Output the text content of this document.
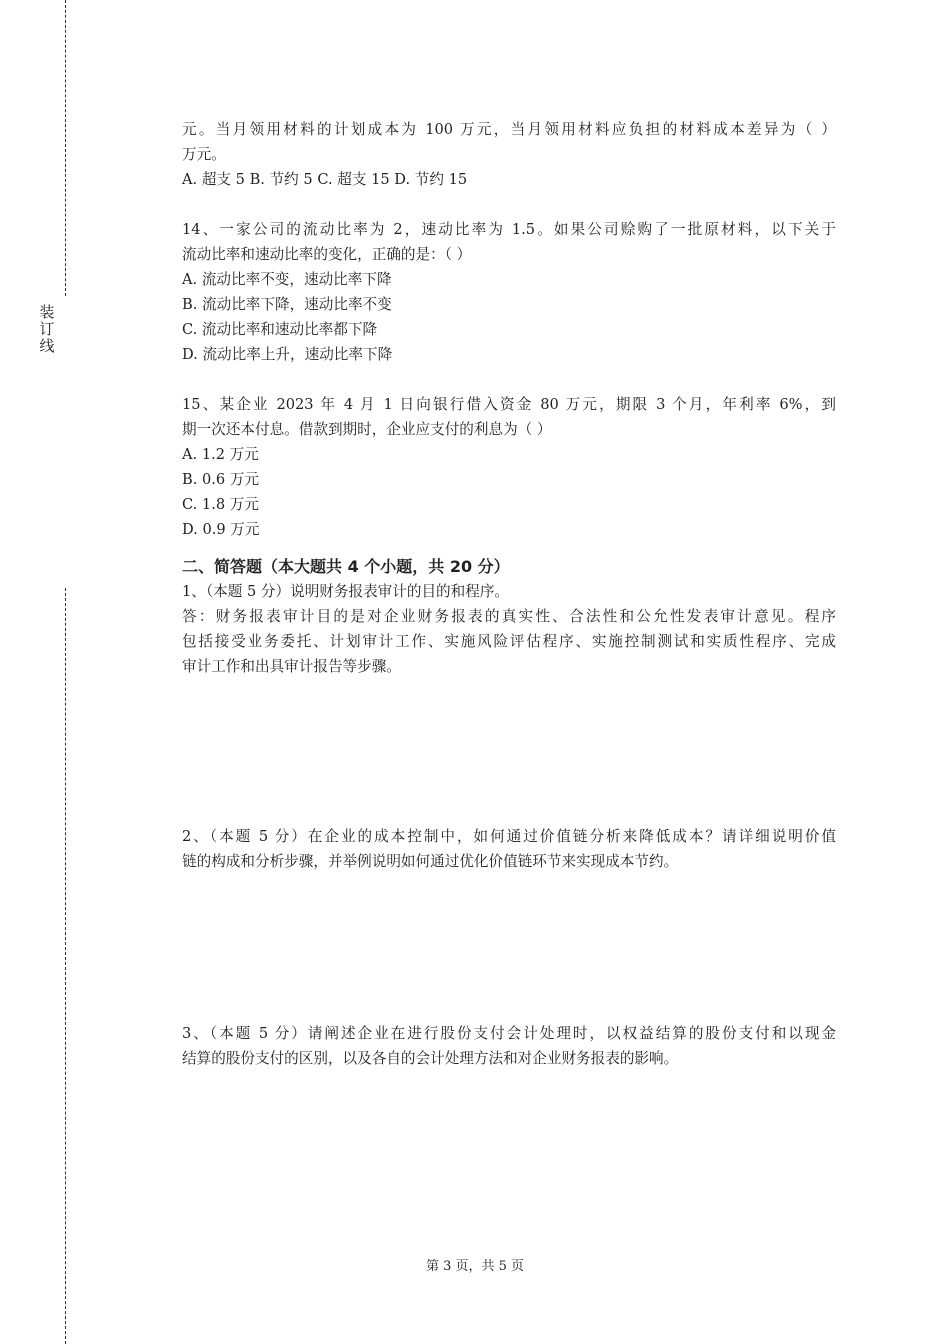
装
订
线
元。当月领用材料的计划成本为 100 万元，当月领用材料应负担的材料成本差异为（ ）
万元。
A. 超支 5 B. 节约 5 C. 超支 15 D. 节约 15
14、一家公司的流动比率为 2，速动比率为 1.5。如果公司赊购了一批原材料，以下关于
流动比率和速动比率的变化，正确的是：（ ）
A. 流动比率不变，速动比率下降
B. 流动比率下降，速动比率不变
C. 流动比率和速动比率都下降
D. 流动比率上升，速动比率下降
15、某企业 2023 年 4 月 1 日向银行借入资金 80 万元，期限 3 个月，年利率 6%，到
期一次还本付息。借款到期时，企业应支付的利息为（ ）
A. 1.2 万元
B. 0.6 万元
C. 1.8 万元
D. 0.9 万元
二、简答题（本大题共 4 个小题，共 20 分）
1、（本题 5 分）说明财务报表审计的目的和程序。
答：财务报表审计目的是对企业财务报表的真实性、合法性和公允性发表审计意见。程序
包括接受业务委托、计划审计工作、实施风险评估程序、实施控制测试和实质性程序、完成
审计工作和出具审计报告等步骤。
2、（本题 5 分）在企业的成本控制中，如何通过价值链分析来降低成本？请详细说明价值
链的构成和分析步骤，并举例说明如何通过优化价值链环节来实现成本节约。
3、（本题 5 分）请阐述企业在进行股份支付会计处理时，以权益结算的股份支付和以现金
结算的股份支付的区别，以及各自的会计处理方法和对企业财务报表的影响。
第 3 页，共 5 页
